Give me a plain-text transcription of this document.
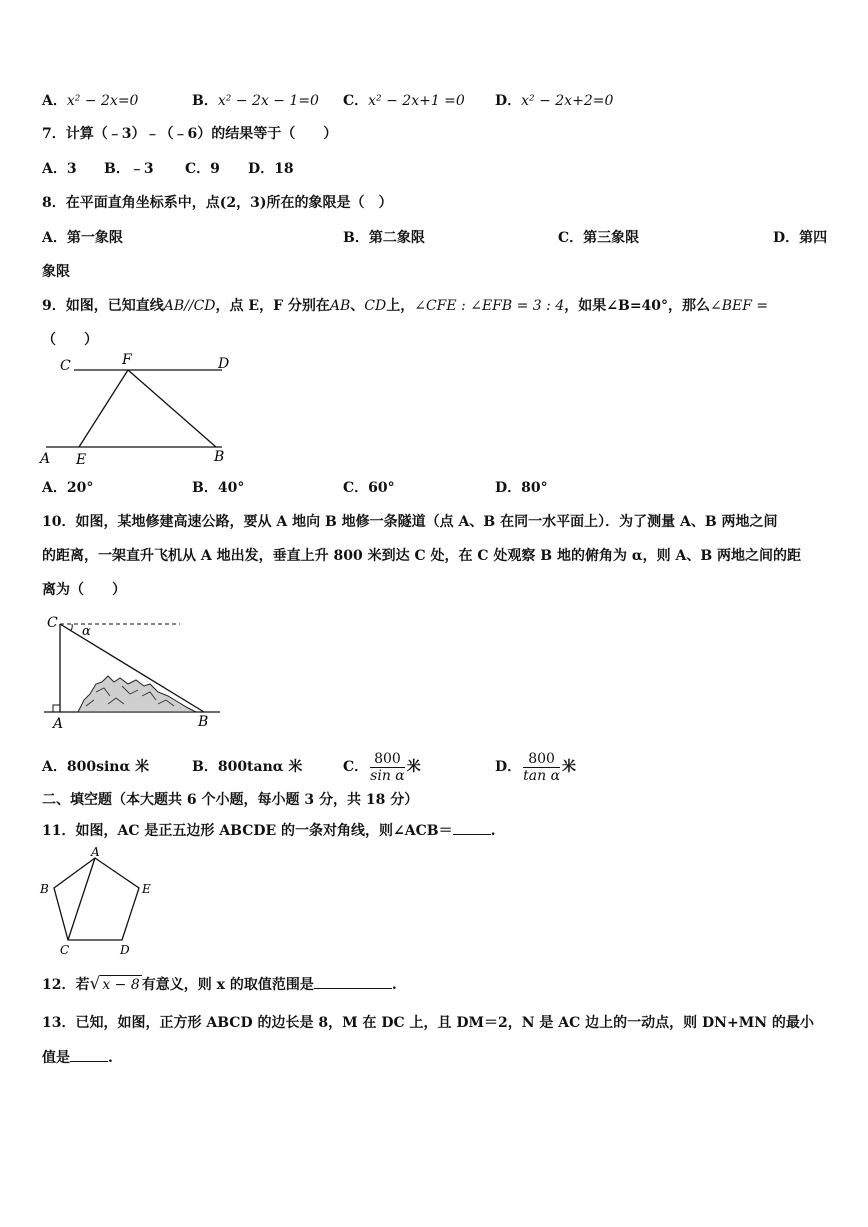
A．x² − 2x=0	B．x² − 2x − 1=0 C．x² − 2x+1 =0 D．x² − 2x+2=0
7．计算（﹣3）﹣（﹣6）的结果等于（　　）
A．3 B．﹣3 C．9 D．18
8．在平面直角坐标系中，点(2，3)所在的象限是（　）
A．第一象限	B．第二象限	C．第三象限	D．第四
象限
9．如图，已知直线AB//CD，点 E，F 分别在AB、CD上，∠CFE : ∠EFB = 3 : 4，如果∠B=40°，那么∠BEF =
（　　）
C	F	D
A E	B
A．20°	B．40°	C．60°	D．80°
10．如图，某地修建高速公路，要从 A 地向 B 地修一条隧道（点 A、B 在同一水平面上）．为了测量 A、B 两地之间
的距离，一架直升飞机从 A 地出发，垂直上升 800 米到达 C 处，在 C 处观察 B 地的俯角为 α，则 A、B 两地之间的距
离为（　　）
C
α
A	B
A．800sinα 米	B．800tanα 米	C． $\frac{800}{\text{sin α}}$ 米	D． $\frac{800}{\text{tan α}}$ 米
二、填空题（本大题共 6 个小题，每小题 3 分，共 18 分）
11．如图，AC 是正五边形 ABCDE 的一条对角线，则∠ACB＝	.
A
B
C	D
E
12．若√ x − 8 有意义，则 x 的取值范围是	.
13．已知，如图，正方形 ABCD 的边长是 8，M 在 DC 上，且 DM＝2，N 是 AC 边上的一动点，则 DN+MN 的最小
值是	.
